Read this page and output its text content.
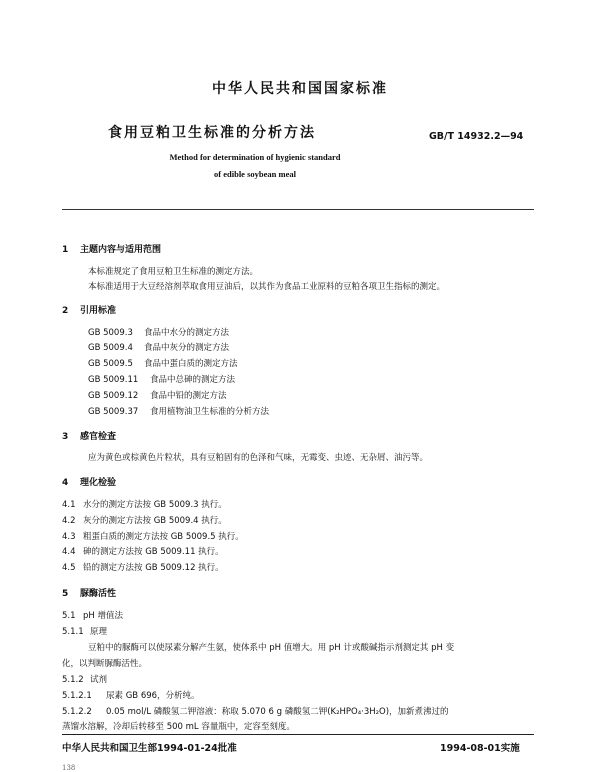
中华人民共和国国家标准
食用豆粕卫生标准的分析方法	GB/T 14932.2—94
Method for determination of hygienic standard
of edible soybean meal
1 主题内容与适用范围
本标准规定了食用豆粕卫生标准的测定方法。
本标准适用于大豆经溶剂萃取食用豆油后，以其作为食品工业原料的豆粕各项卫生指标的测定。
2 引用标准
GB 5009.3 食品中水分的测定方法
GB 5009.4 食品中灰分的测定方法
GB 5009.5 食品中蛋白质的测定方法
GB 5009.11 食品中总砷的测定方法
GB 5009.12 食品中铅的测定方法
GB 5009.37 食用植物油卫生标准的分析方法
3 感官检查
应为黄色或棕黄色片粒状，具有豆粕固有的色泽和气味，无霉变、虫迹、无杂屑、油污等。
4 理化检验
4.1 水分的测定方法按 GB 5009.3 执行。
4.2 灰分的测定方法按 GB 5009.4 执行。
4.3 粗蛋白质的测定方法按 GB 5009.5 执行。
4.4 砷的测定方法按 GB 5009.11 执行。
4.5 铅的测定方法按 GB 5009.12 执行。
5 脲酶活性
5.1 pH 增值法
5.1.1 原理
豆粕中的脲酶可以使尿素分解产生氨，使体系中 pH 值增大。用 pH 计或酸碱指示剂测定其 pH 变
化，以判断脲酶活性。
5.1.2 试剂
5.1.2.1 尿素 GB 696，分析纯。
5.1.2.2 0.05 mol/L 磷酸氢二钾溶液：称取 5.070 6 g 磷酸氢二钾(K₂HPO₄·3H₂O)，加新煮沸过的
蒸馏水溶解，冷却后转移至 500 mL 容量瓶中，定容至刻度。
中华人民共和国卫生部1994-01-24批准	1994-08-01实施
138
